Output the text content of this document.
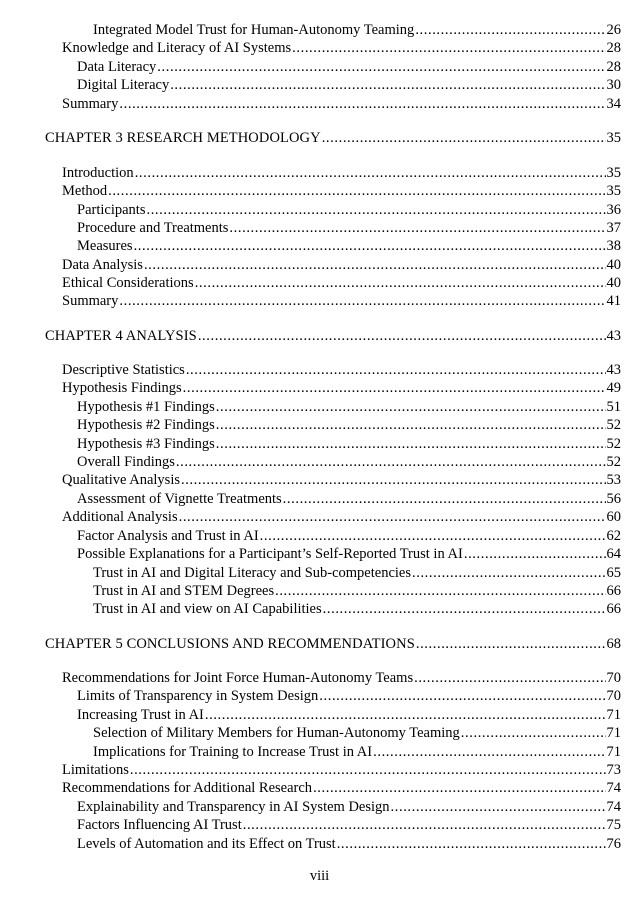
Integrated Model Trust for Human-Autonomy Teaming .....	26
Knowledge and Literacy of AI Systems .....	28
Data Literacy .....	28
Digital Literacy .....	30
Summary .....	34
CHAPTER 3 RESEARCH METHODOLOGY .....	35
Introduction .....	35
Method .....	35
Participants .....	36
Procedure and Treatments .....	37
Measures .....	38
Data Analysis .....	40
Ethical Considerations .....	40
Summary .....	41
CHAPTER 4 ANALYSIS .....	43
Descriptive Statistics .....	43
Hypothesis Findings .....	49
Hypothesis #1 Findings .....	51
Hypothesis #2 Findings .....	52
Hypothesis #3 Findings .....	52
Overall Findings .....	52
Qualitative Analysis .....	53
Assessment of Vignette Treatments .....	56
Additional Analysis .....	60
Factor Analysis and Trust in AI .....	62
Possible Explanations for a Participant’s Self-Reported Trust in AI .....	64
Trust in AI and Digital Literacy and Sub-competencies .....	65
Trust in AI and STEM Degrees .....	66
Trust in AI and view on AI Capabilities .....	66
CHAPTER 5 CONCLUSIONS AND RECOMMENDATIONS .....	68
Recommendations for Joint Force Human-Autonomy Teams .....	70
Limits of Transparency in System Design .....	70
Increasing Trust in AI .....	71
Selection of Military Members for Human-Autonomy Teaming .....	71
Implications for Training to Increase Trust in AI .....	71
Limitations .....	73
Recommendations for Additional Research .....	74
Explainability and Transparency in AI System Design .....	74
Factors Influencing AI Trust .....	75
Levels of Automation and its Effect on Trust .....	76
viii
